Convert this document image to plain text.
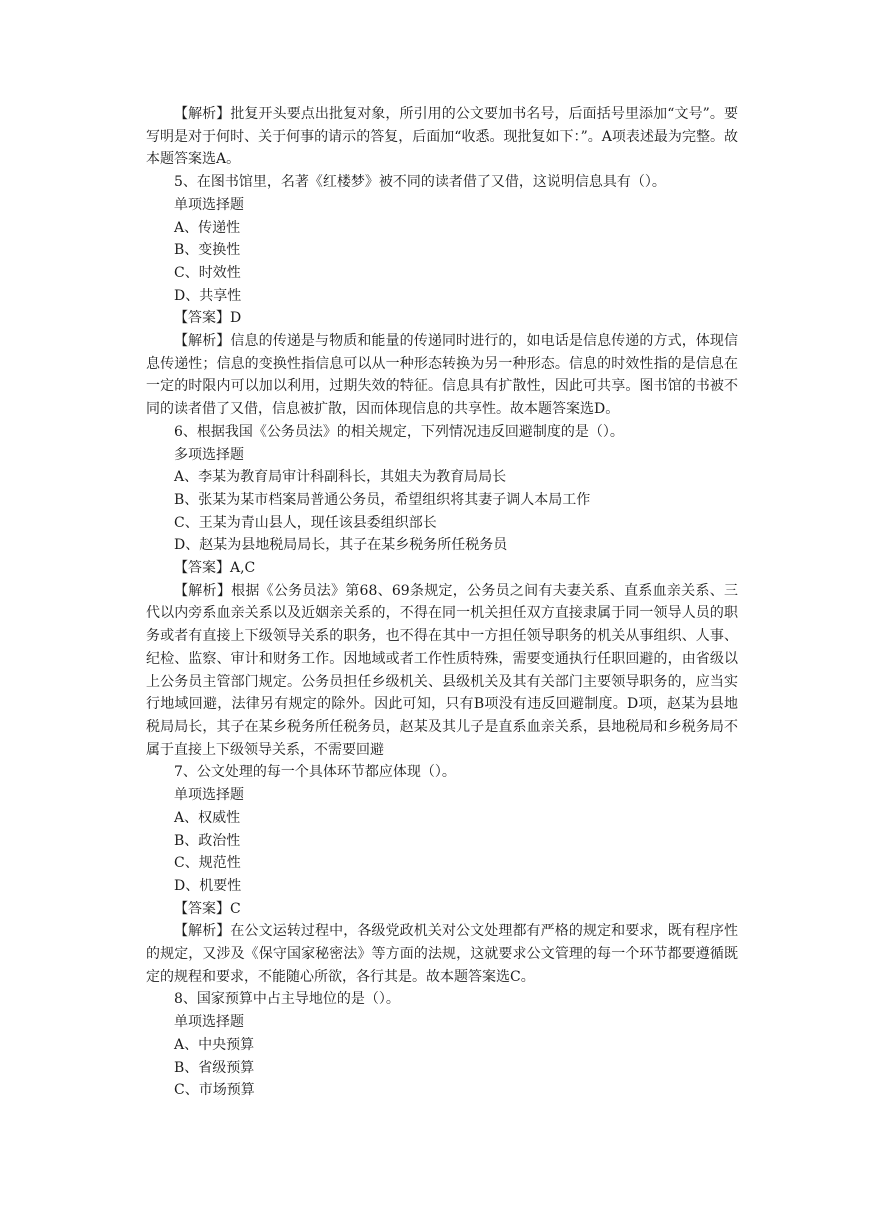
【解析】批复开头要点出批复对象，所引用的公文要加书名号，后面括号里添加“文号”。要写明是对于何时、关于何事的请示的答复，后面加“收悉。现批复如下：”。A项表述最为完整。故本题答案选A。

5、在图书馆里，名著《红楼梦》被不同的读者借了又借，这说明信息具有（）。

单项选择题

A、传递性

B、变换性

C、时效性

D、共享性

【答案】D

【解析】信息的传递是与物质和能量的传递同时进行的，如电话是信息传递的方式，体现信息传递性；信息的变换性指信息可以从一种形态转换为另一种形态。信息的时效性指的是信息在一定的时限内可以加以利用，过期失效的特征。信息具有扩散性，因此可共享。图书馆的书被不同的读者借了又借，信息被扩散，因而体现信息的共享性。故本题答案选D。

6、根据我国《公务员法》的相关规定，下列情况违反回避制度的是（）。

多项选择题

A、李某为教育局审计科副科长，其姐夫为教育局局长

B、张某为某市档案局普通公务员，希望组织将其妻子调人本局工作

C、王某为青山县人，现任该县委组织部长

D、赵某为县地税局局长，其子在某乡税务所任税务员

【答案】A,C

【解析】根据《公务员法》第68、69条规定，公务员之间有夫妻关系、直系血亲关系、三代以内旁系血亲关系以及近姻亲关系的，不得在同一机关担任双方直接隶属于同一领导人员的职务或者有直接上下级领导关系的职务，也不得在其中一方担任领导职务的机关从事组织、人事、纪检、监察、审计和财务工作。因地域或者工作性质特殊，需要变通执行任职回避的，由省级以上公务员主管部门规定。公务员担任乡级机关、县级机关及其有关部门主要领导职务的，应当实行地域回避，法律另有规定的除外。因此可知，只有B项没有违反回避制度。D项，赵某为县地税局局长，其子在某乡税务所任税务员，赵某及其儿子是直系血亲关系，县地税局和乡税务局不属于直接上下级领导关系，不需要回避

7、公文处理的每一个具体环节都应体现（）。

单项选择题

A、权威性

B、政治性

C、规范性

D、机要性

【答案】C

【解析】在公文运转过程中，各级党政机关对公文处理都有严格的规定和要求，既有程序性的规定，又涉及《保守国家秘密法》等方面的法规，这就要求公文管理的每一个环节都要遵循既定的规程和要求，不能随心所欲，各行其是。故本题答案选C。

8、国家预算中占主导地位的是（）。

单项选择题

A、中央预算

B、省级预算

C、市场预算
